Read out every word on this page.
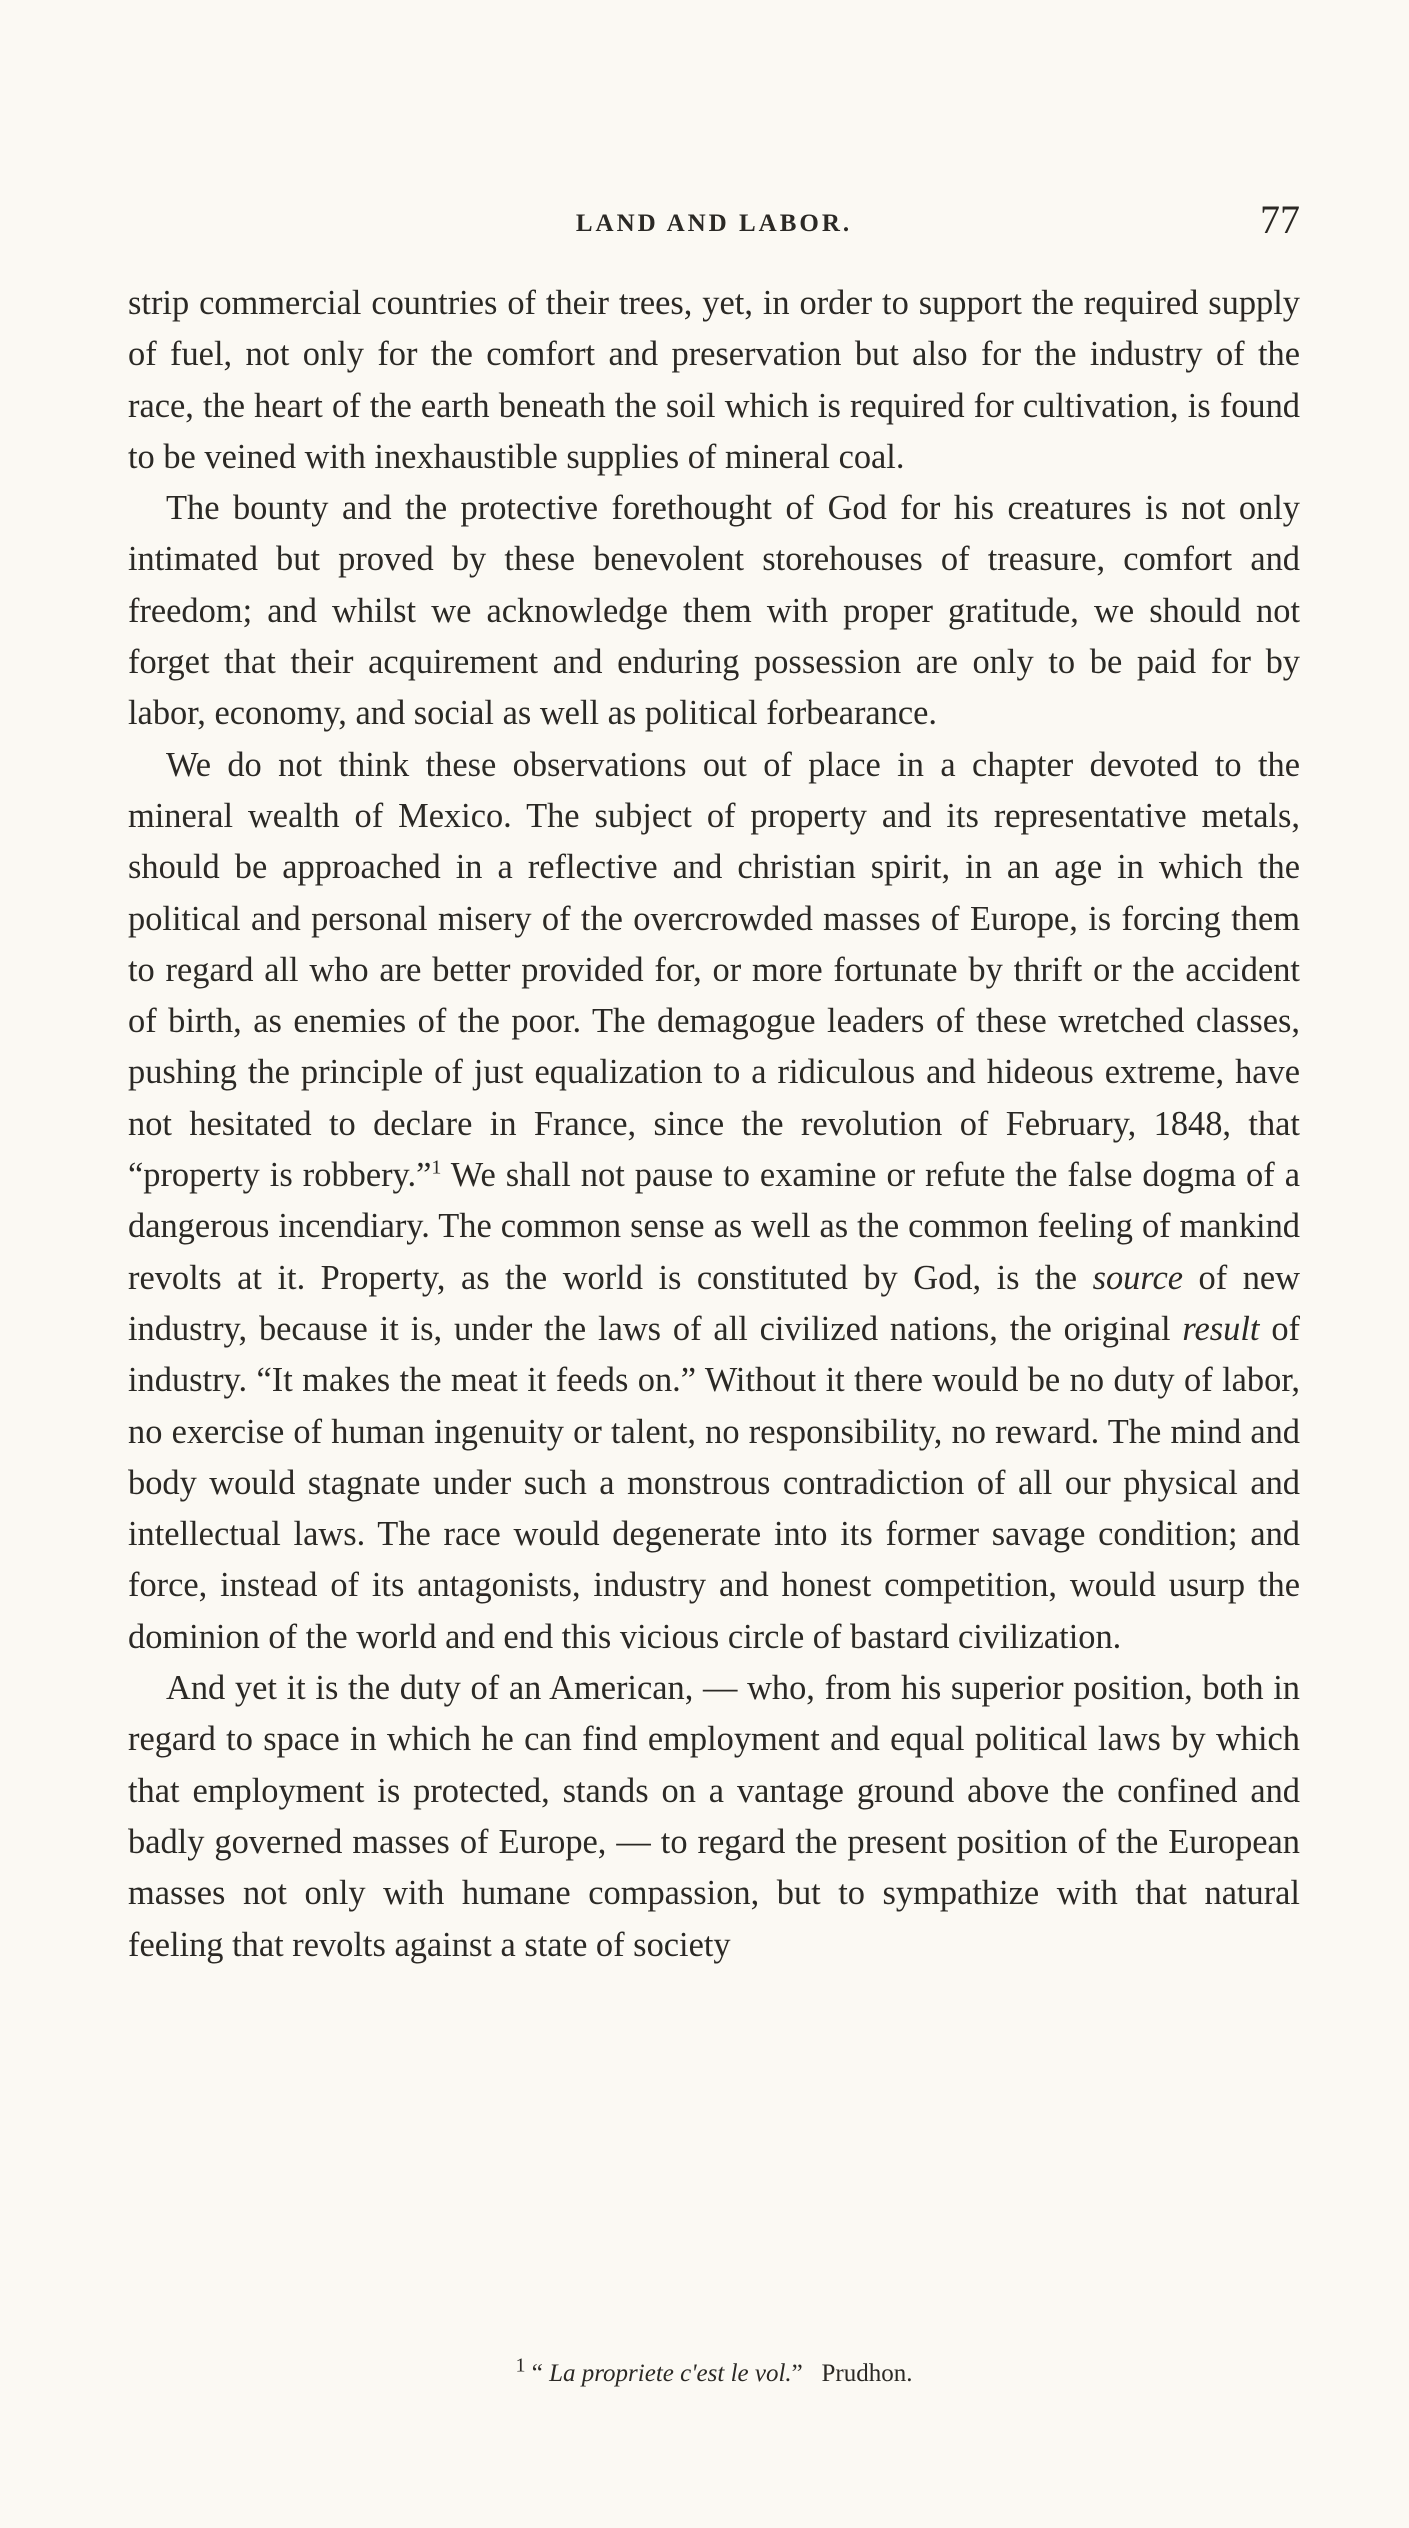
LAND AND LABOR.	77

strip commercial countries of their trees, yet, in order to support the required supply of fuel, not only for the comfort and preservation but also for the industry of the race, the heart of the earth beneath the soil which is required for cultivation, is found to be veined with inexhaustible supplies of mineral coal.

The bounty and the protective forethought of God for his creatures is not only intimated but proved by these benevolent storehouses of treasure, comfort and freedom; and whilst we acknowledge them with proper gratitude, we should not forget that their acquirement and enduring possession are only to be paid for by labor, economy, and social as well as political forbearance.

We do not think these observations out of place in a chapter devoted to the mineral wealth of Mexico. The subject of property and its representative metals, should be approached in a reflective and christian spirit, in an age in which the political and personal misery of the overcrowded masses of Europe, is forcing them to regard all who are better provided for, or more fortunate by thrift or the accident of birth, as enemies of the poor. The demagogue leaders of these wretched classes, pushing the principle of just equalization to a ridiculous and hideous extreme, have not hesitated to declare in France, since the revolution of February, 1848, that “property is robbery.”$^1$ We shall not pause to examine or refute the false dogma of a dangerous incendiary. The common sense as well as the common feeling of mankind revolts at it. Property, as the world is constituted by God, is the source of new industry, because it is, under the laws of all civilized nations, the original result of industry. “It makes the meat it feeds on.” Without it there would be no duty of labor, no exercise of human ingenuity or talent, no responsibility, no reward. The mind and body would stagnate under such a monstrous contradiction of all our physical and intellectual laws. The race would degenerate into its former savage condition; and force, instead of its antagonists, industry and honest competition, would usurp the dominion of the world and end this vicious circle of bastard civilization.

And yet it is the duty of an American, — who, from his superior position, both in regard to space in which he can find employment and equal political laws by which that employment is protected, stands on a vantage ground above the confined and badly governed masses of Europe, — to regard the present position of the European masses not only with humane compassion, but to sympathize with that natural feeling that revolts against a state of society

$^1$ “ La propriete c'est le vol.” Prudhon.
